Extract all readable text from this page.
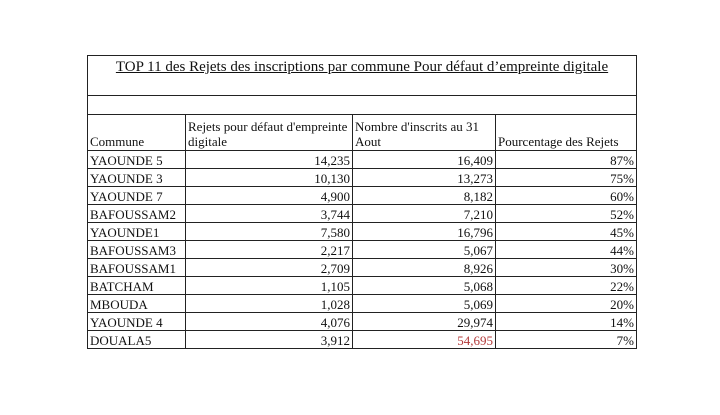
TOP 11 des Rejets des inscriptions par commune Pour défaut d’empreinte digitale			

Commune	Rejets pour défaut d'empreinte digitale	Nombre d'inscrits au 31 Aout	Pourcentage des Rejets
YAOUNDE 5	14,235	16,409	87%
YAOUNDE 3	10,130	13,273	75%
YAOUNDE 7	4,900	8,182	60%
BAFOUSSAM2	3,744	7,210	52%
YAOUNDE1	7,580	16,796	45%
BAFOUSSAM3	2,217	5,067	44%
BAFOUSSAM1	2,709	8,926	30%
BATCHAM	1,105	5,068	22%
MBOUDA	1,028	5,069	20%
YAOUNDE 4	4,076	29,974	14%
DOUALA5	3,912	54,695	7%
